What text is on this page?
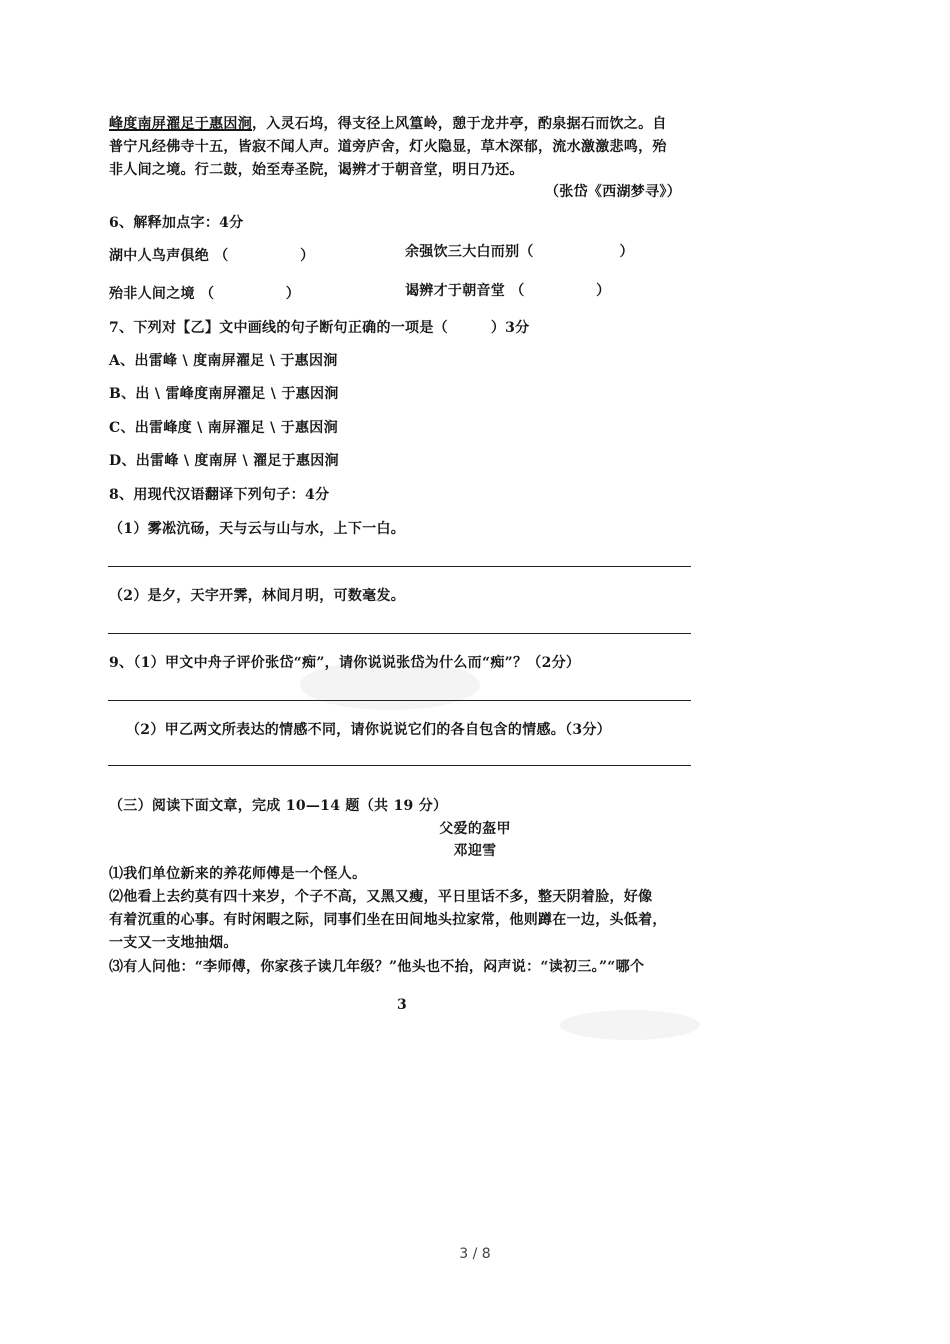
峰度南屏濯足于惠因涧，入灵石坞，得支径上风篁岭，憩于龙井亭，酌泉据石而饮之。自
普宁凡经佛寺十五，皆寂不闻人声。道旁庐舍，灯火隐显，草木深郁，流水激激悲鸣，殆
非人间之境。行二鼓，始至寿圣院，谒辨才于朝音堂，明日乃还。
（张岱《西湖梦寻》）
6、解释加点字：4分
湖中人鸟声俱绝 （　　　　　）	余强饮三大白而别（　　　　　　）
殆非人间之境 （　　　　　）	谒辨才于朝音堂 （　　　　　）
7、下列对【乙】文中画线的句子断句正确的一项是（　　　）3分
A、出雷峰 \ 度南屏濯足 \ 于惠因涧
B、出 \ 雷峰度南屏濯足 \ 于惠因涧
C、出雷峰度 \ 南屏濯足 \ 于惠因涧
D、出雷峰 \ 度南屏 \ 濯足于惠因涧
8、用现代汉语翻译下列句子：4分
（1）雾凇沆砀，天与云与山与水，上下一白。
（2）是夕，天宇开霁，林间月明，可数毫发。
9、（1）甲文中舟子评价张岱“痴”，请你说说张岱为什么而“痴”？（2分）
（2）甲乙两文所表达的情感不同，请你说说它们的各自包含的情感。（3分）
（三）阅读下面文章，完成 10—14 题（共 19 分）
父爱的盔甲
邓迎雪
⑴我们单位新来的养花师傅是一个怪人。
⑵他看上去约莫有四十来岁，个子不高，又黑又瘦，平日里话不多，整天阴着脸，好像
有着沉重的心事。有时闲暇之际，同事们坐在田间地头拉家常，他则蹲在一边，头低着，
一支又一支地抽烟。
⑶有人问他：“李师傅，你家孩子读几年级？”他头也不抬，闷声说：“读初三。”“哪个
3
3 / 8
